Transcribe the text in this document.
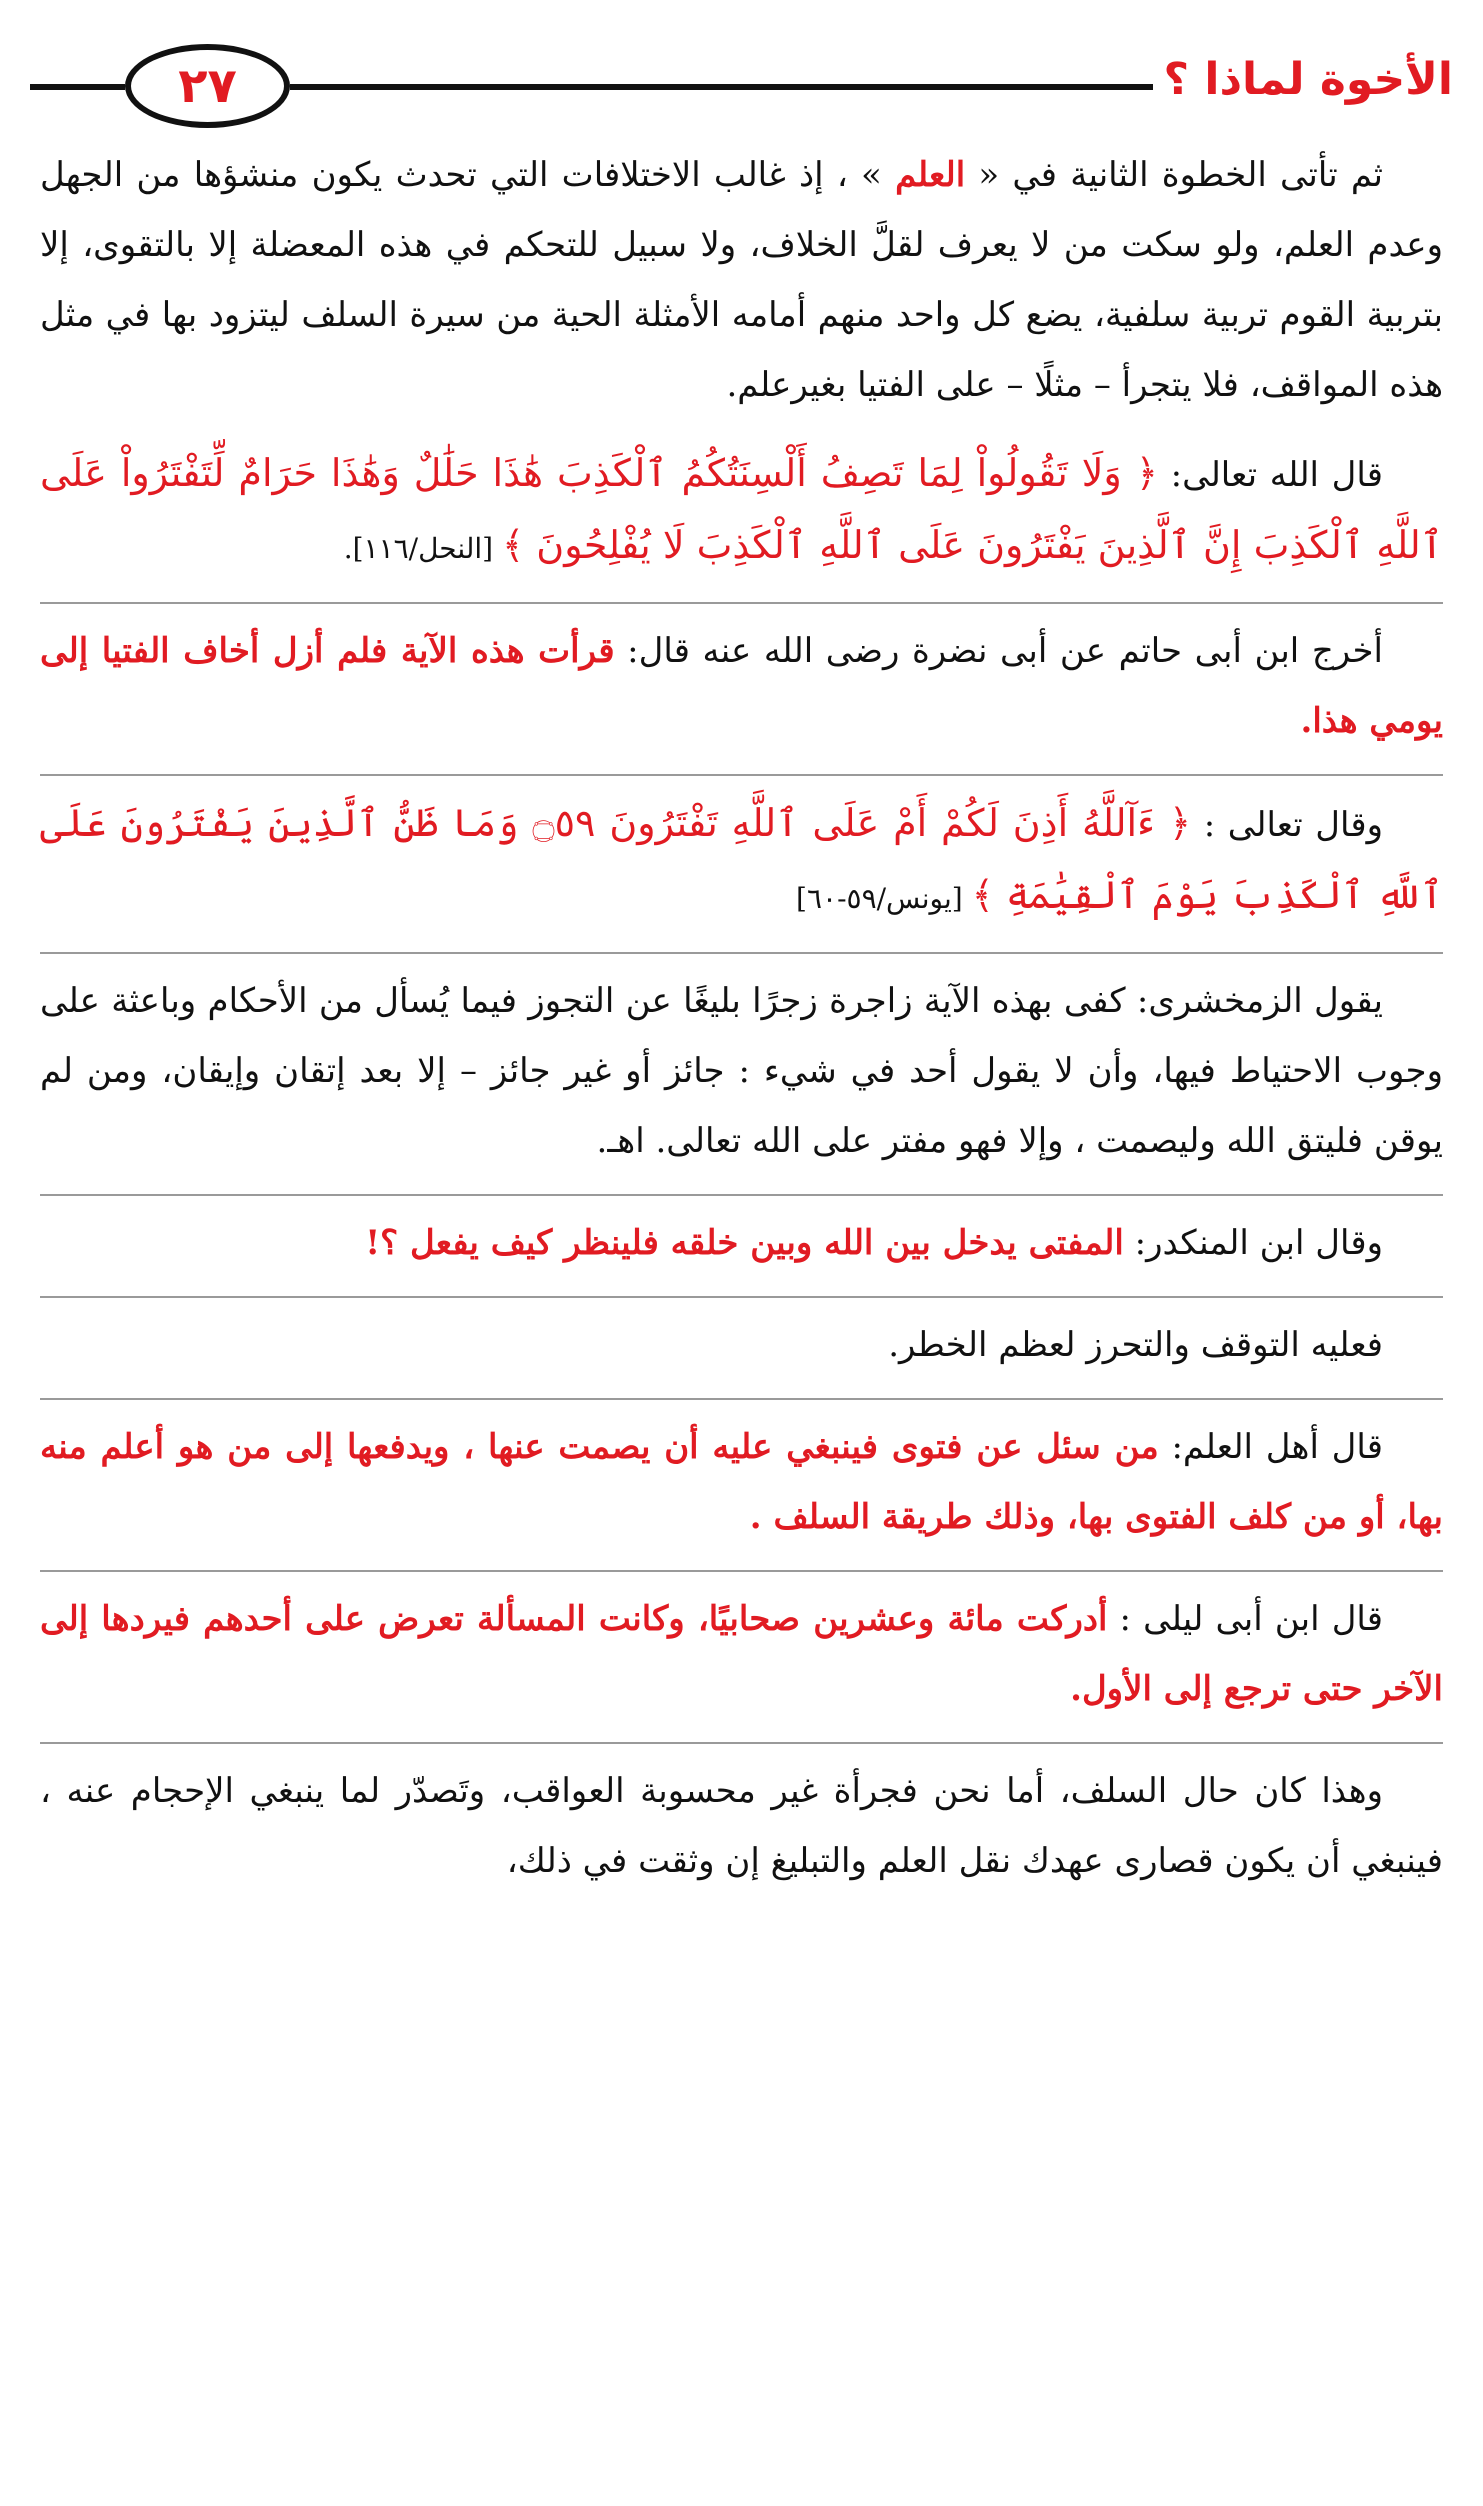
الأخوة لماذا ؟
٢٧

ثم تأتى الخطوة الثانية في « العلم » ، إذ غالب الاختلافات التي تحدث يكون منشؤها من الجهل وعدم العلم، ولو سكت من لا يعرف لقلَّ الخلاف، ولا سبيل للتحكم في هذه المعضلة إلا بالتقوى، إلا بتربية القوم تربية سلفية، يضع كل واحد منهم أمامه الأمثلة الحية من سيرة السلف ليتزود بها في مثل هذه المواقف، فلا يتجرأ – مثلًا – على الفتيا بغيرعلم.

قال الله تعالى: ﴿ وَلَا تَقُولُواْ لِمَا تَصِفُ أَلْسِنَتُكُمُ ٱلْكَذِبَ هَٰذَا حَلَٰلٌ وَهَٰذَا حَرَامٌ لِّتَفْتَرُواْ عَلَى ٱللَّهِ ٱلْكَذِبَ إِنَّ ٱلَّذِينَ يَفْتَرُونَ عَلَى ٱللَّهِ ٱلْكَذِبَ لَا يُفْلِحُونَ ﴾ [النحل/١١٦].

أخرج ابن أبى حاتم عن أبى نضرة رضى الله عنه قال: قرأت هذه الآية فلم أزل أخاف الفتيا إلى يومي هذا.

وقال تعالى : ﴿ ءَآللَّهُ أَذِنَ لَكُمْ أَمْ عَلَى ٱللَّهِ تَفْتَرُونَ ۝٥٩ وَمَا ظَنُّ ٱلَّذِينَ يَفْتَرُونَ عَلَى ٱللَّهِ ٱلْكَذِبَ يَوْمَ ٱلْقِيَٰمَةِ ﴾ [يونس/٥٩-٦٠]

يقول الزمخشرى: كفى بهذه الآية زاجرة زجرًا بليغًا عن التجوز فيما يُسأل من الأحكام وباعثة على وجوب الاحتياط فيها، وأن لا يقول أحد في شيء : جائز أو غير جائز – إلا بعد إتقان وإيقان، ومن لم يوقن فليتق الله وليصمت ، وإلا فهو مفتر على الله تعالى. اهـ.

وقال ابن المنكدر: المفتى يدخل بين الله وبين خلقه فلينظر كيف يفعل ؟!

فعليه التوقف والتحرز لعظم الخطر.

قال أهل العلم: من سئل عن فتوى فينبغي عليه أن يصمت عنها ، ويدفعها إلى من هو أعلم منه بها، أو من كلف الفتوى بها، وذلك طريقة السلف .

قال ابن أبى ليلى : أدركت مائة وعشرين صحابيًا، وكانت المسألة تعرض على أحدهم فيردها إلى الآخر حتى ترجع إلى الأول.

وهذا كان حال السلف، أما نحن فجرأة غير محسوبة العواقب، وتَصدّر لما ينبغي الإحجام عنه ، فينبغي أن يكون قصارى عهدك نقل العلم والتبليغ إن وثقت في ذلك،
